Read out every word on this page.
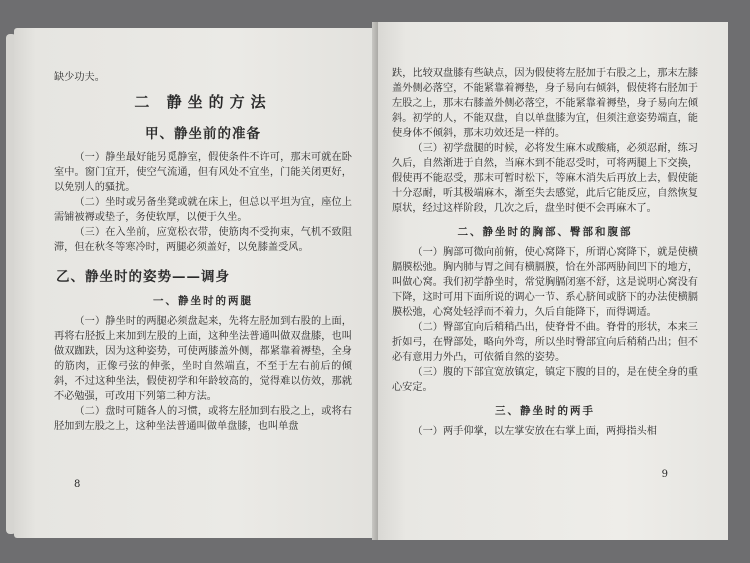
缺少功夫。

二 静坐的方法
甲、静坐前的准备

（一）静坐最好能另觅静室，假使条件不许可，那末可就在卧室中。窗门宜开，使空气流通，但有风处不宜坐，门能关闭更好，以免别人的骚扰。

（二）坐时或另备坐凳或就在床上，但总以平坦为宜，座位上需铺被褥或垫子，务使软厚，以便于久坐。

（三）在入坐前，应宽松衣带，使筋肉不受拘束，气机不致阻滞，但在秋冬等寒冷时，两腿必须盖好，以免膝盖受风。

乙、静坐时的姿势——调身
一、静坐时的两腿

（一）静坐时的两腿必须盘起来，先将左胫加到右股的上面，再将右胫扳上来加到左股的上面，这种坐法普通叫做双盘膝，也叫做双跏趺，因为这种姿势，可使两膝盖外侧，都紧靠着褥垫，全身的筋肉，正像弓弦的伸张，坐时自然端直，不至于左右前后的倾斜，不过这种坐法，假使初学和年龄较高的，觉得难以仿效，那就不必勉强，可改用下列第二种方法。

（二）盘时可随各人的习惯，或将左胫加到右股之上，或将右胫加到左股之上，这种坐法普通叫做单盘膝，也叫单盘

8

趺，比较双盘膝有些缺点，因为假使将左胫加于右股之上，那末左膝盖外侧必落空，不能紧靠着褥垫，身子易向右倾斜，假使将右胫加于左股之上，那末右膝盖外侧必落空，不能紧靠着褥垫，身子易向左倾斜。初学的人，不能双盘，自以单盘膝为宜，但须注意姿势端直，能使身体不倾斜，那末功效还是一样的。

（三）初学盘腿的时候，必将发生麻木或酸痛，必须忍耐，练习久后，自然渐进于自然，当麻木到不能忍受时，可将两腿上下交换，假使再不能忍受，那末可暂时松下，等麻木消失后再放上去，假使能十分忍耐，听其极端麻木，渐至失去感觉，此后它能反应，自然恢复原状，经过这样阶段，几次之后，盘坐时便不会再麻木了。

二、静坐时的胸部、臀部和腹部

（一）胸部可微向前俯，使心窝降下，所谓心窝降下，就是使横膈膜松弛。胸内肺与胃之间有横膈膜，恰在外部两胁间凹下的地方，叫做心窝。我们初学静坐时，常觉胸膈闭塞不舒，这是说明心窝没有下降，这时可用下面所说的调心一节、系心脐间或脐下的办法使横膈膜松弛，心窝处轻浮而不着力，久后自能降下，而得调适。

（二）臀部宜向后稍稍凸出，使脊骨不曲。脊骨的形状，本来三折如弓，在臀部处，略向外弯，所以坐时臀部宜向后稍稍凸出；但不必有意用力外凸，可依循自然的姿势。

（三）腹的下部宜宽放镇定，镇定下腹的目的，是在使全身的重心安定。

三、静坐时的两手

（一）两手仰掌，以左掌安放在右掌上面，两拇指头相

9
